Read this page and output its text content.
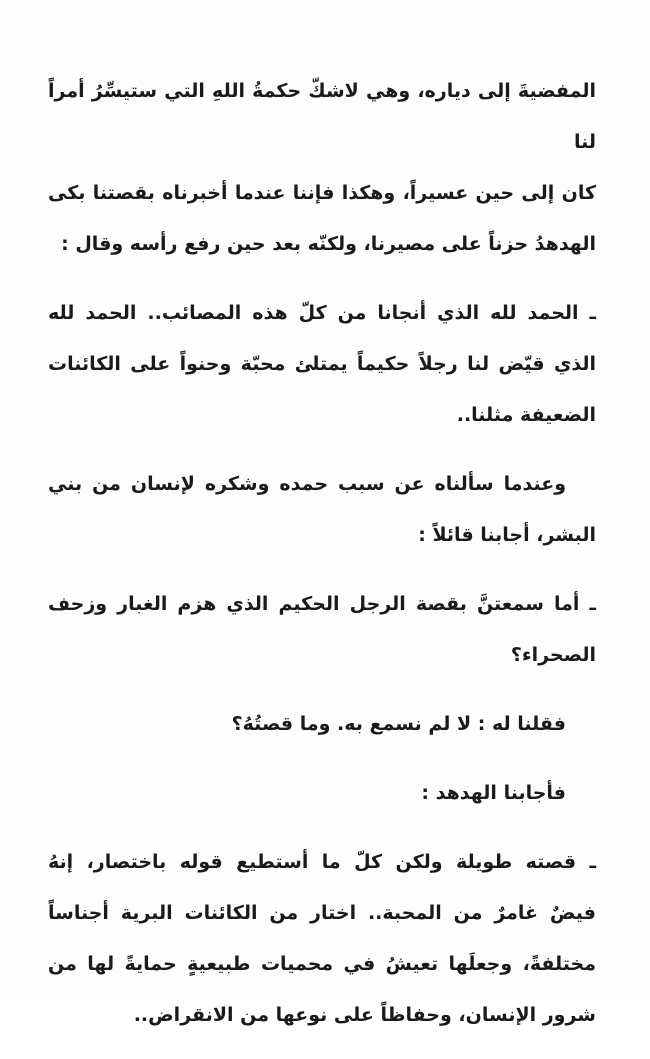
المفضيةَ إلى دياره، وهي لاشكّ حكمةُ اللهِ التي ستيسِّرُ أمراً لنا
كان إلى حين عسيراً، وهكذا فإننا عندما أخبرناه بقصتنا بكى
الهدهدُ حزناً على مصيرنا، ولكنّه بعد حين رفع رأسه وقال :

ـ الحمد لله الذي أنجانا من كلّ هذه المصائب.. الحمد لله
الذي قيّض لنا رجلاً حكيماً يمتلئ محبّة وحنواً على الكائنات
الضعيفة مثلنا..

وعندما سألناه عن سبب حمده وشكره لإنسان من بني
البشر، أجابنا قائلاً :

ـ أما سمعتنَّ بقصة الرجل الحكيم الذي هزم الغبار وزحف
الصحراء؟

فقلنا له : لا لم نسمع به. وما قصتُهُ؟

فأجابنا الهدهد :

ـ قصته طويلة ولكن كلّ ما أستطيع قوله باختصار، إنهُ
فيضٌ غامرٌ من المحبة.. اختار من الكائنات البرية أجناساً
مختلفةً، وجعلَها تعيشُ في محميات طبيعيةٍ حمايةً لها من
شرور الإنسان، وحفاظاً على نوعها من الانقراض..
